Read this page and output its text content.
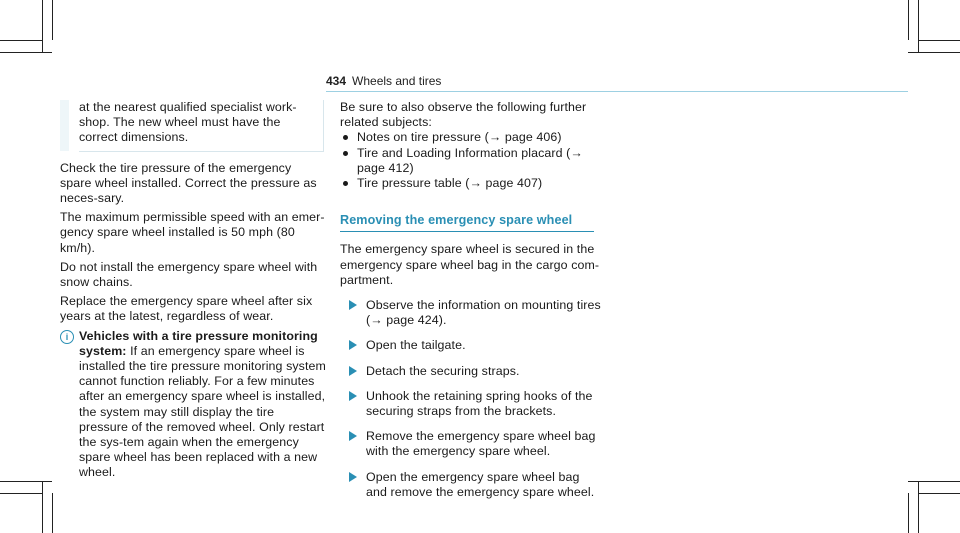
434 Wheels and tires

at the nearest qualified specialist work-shop. The new wheel must have the correct dimensions.

Check the tire pressure of the emergency spare wheel installed. Correct the pressure as neces-sary.

The maximum permissible speed with an emer-gency spare wheel installed is 50 mph (80 km/h).

Do not install the emergency spare wheel with snow chains.

Replace the emergency spare wheel after six years at the latest, regardless of wear.

i Vehicles with a tire pressure monitoring system: If an emergency spare wheel is installed the tire pressure monitoring system cannot function reliably. For a few minutes after an emergency spare wheel is installed, the system may still display the tire pressure of the removed wheel. Only restart the sys-tem again when the emergency spare wheel has been replaced with a new wheel.

Be sure to also observe the following further related subjects:

Notes on tire pressure (→ page 406)
Tire and Loading Information placard (→ page 412)
Tire pressure table (→ page 407)
Removing the emergency spare wheel

The emergency spare wheel is secured in the emergency spare wheel bag in the cargo com-partment.

Observe the information on mounting tires (→ page 424).

Open the tailgate.

Detach the securing straps.

Unhook the retaining spring hooks of the securing straps from the brackets.

Remove the emergency spare wheel bag with the emergency spare wheel.

Open the emergency spare wheel bag and remove the emergency spare wheel.
